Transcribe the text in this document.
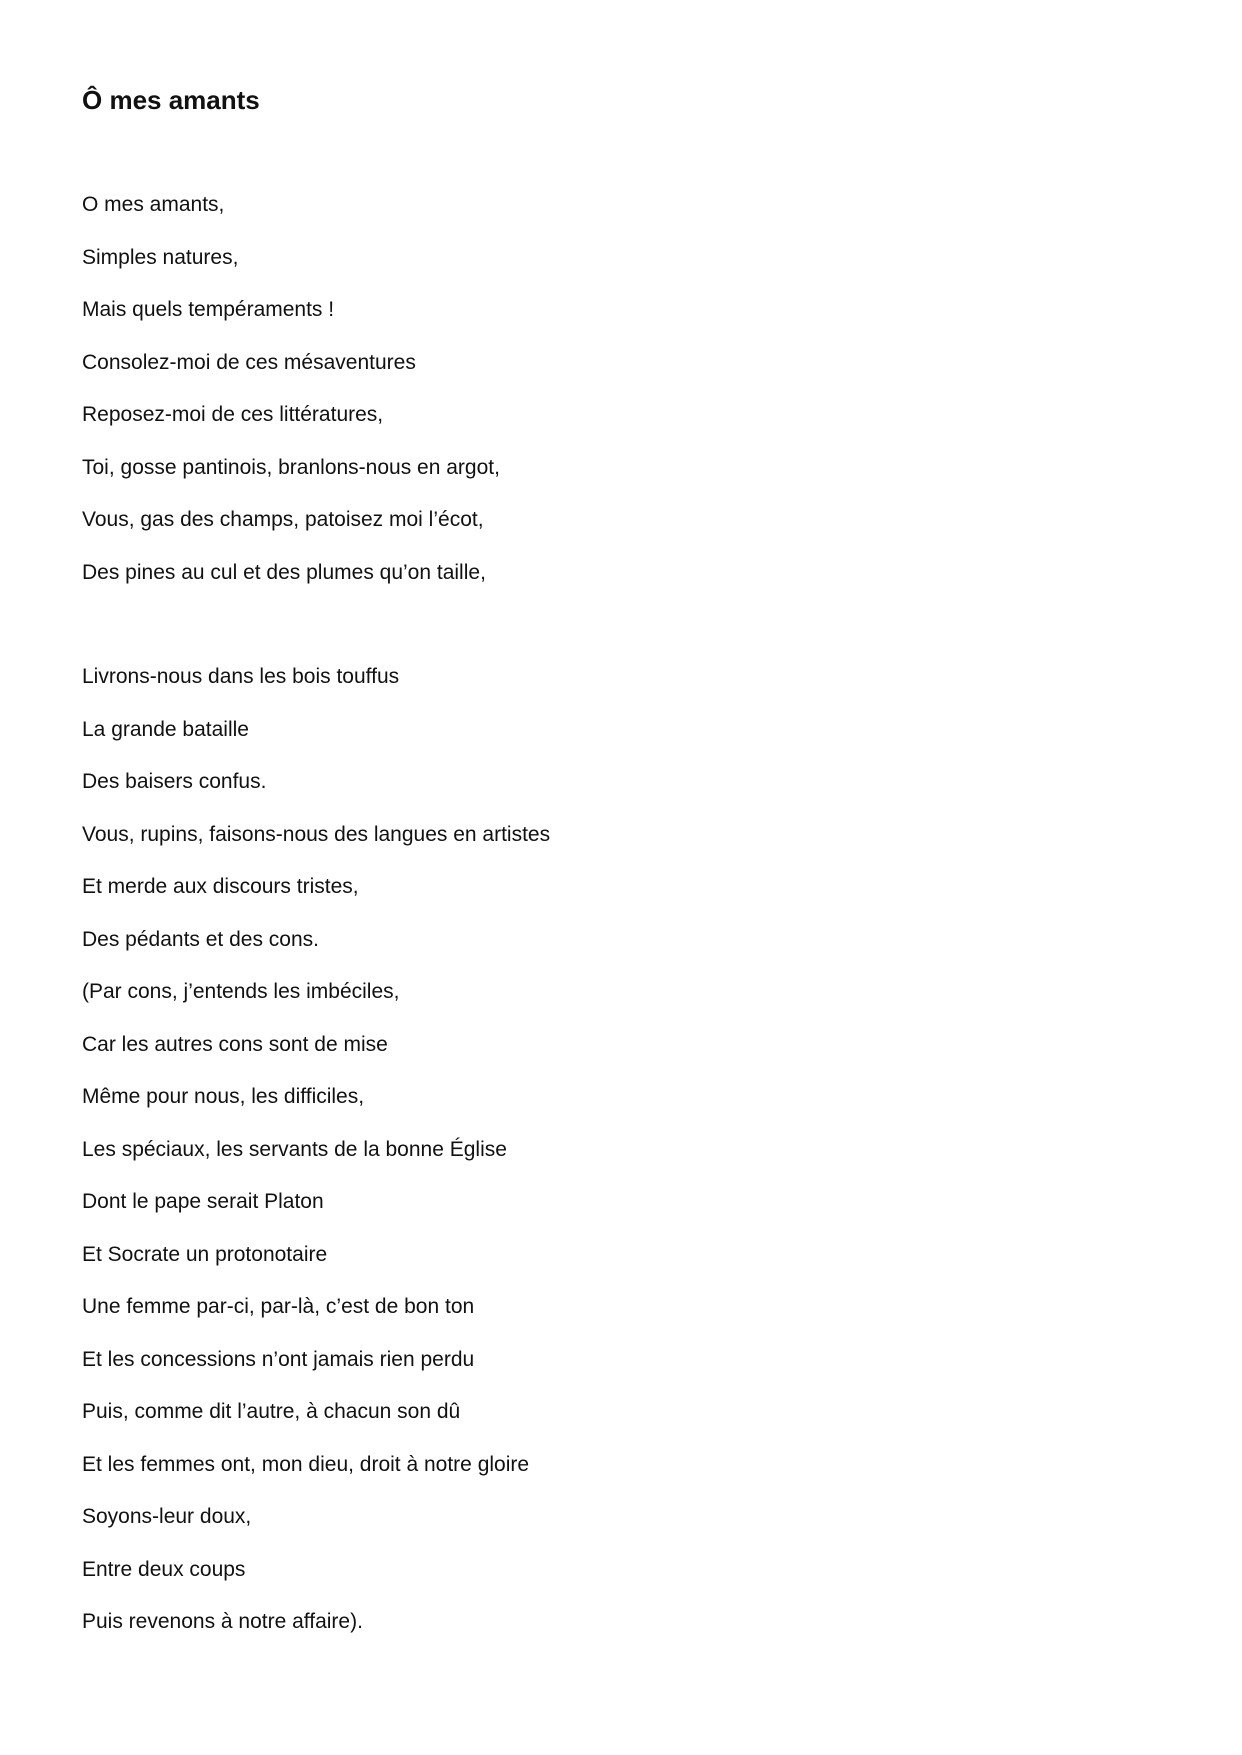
Ô mes amants
O mes amants,
Simples natures,
Mais quels tempéraments !
Consolez-moi de ces mésaventures
Reposez-moi de ces littératures,
Toi, gosse pantinois, branlons-nous en argot,
Vous, gas des champs, patoisez moi l’écot,
Des pines au cul et des plumes qu’on taille,
Livrons-nous dans les bois touffus
La grande bataille
Des baisers confus.
Vous, rupins, faisons-nous des langues en artistes
Et merde aux discours tristes,
Des pédants et des cons.
(Par cons, j’entends les imbéciles,
Car les autres cons sont de mise
Même pour nous, les difficiles,
Les spéciaux, les servants de la bonne Église
Dont le pape serait Platon
Et Socrate un protonotaire
Une femme par-ci, par-là, c’est de bon ton
Et les concessions n’ont jamais rien perdu
Puis, comme dit l’autre, à chacun son dû
Et les femmes ont, mon dieu, droit à notre gloire
Soyons-leur doux,
Entre deux coups
Puis revenons à notre affaire).
